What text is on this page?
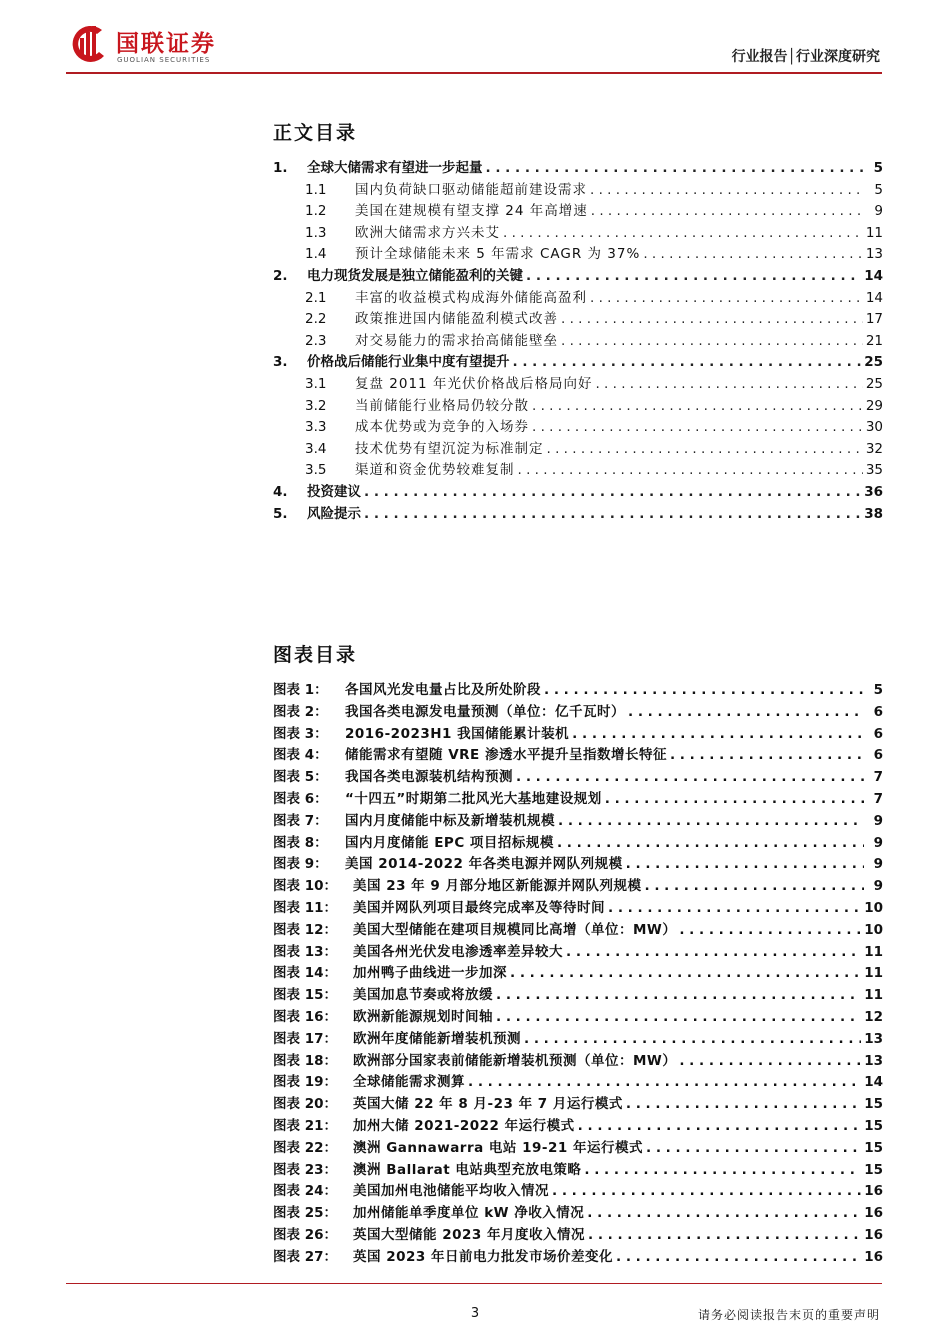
国联证券
GUOLIAN SECURITIES	行业报告│行业深度研究
正文目录
1.	全球大储需求有望进一步起量 . . .	5
1.1	国内负荷缺口驱动储能超前建设需求 . . .	5
1.2	美国在建规模有望支撑 24 年高增速 . . .	9
1.3	欧洲大储需求方兴未艾 . . .	11
1.4	预计全球储能未来 5 年需求 CAGR 为 37% . . .	13
2.	电力现货发展是独立储能盈利的关键 . . .	14
2.1	丰富的收益模式构成海外储能高盈利 . . .	14
2.2	政策推进国内储能盈利模式改善 . . .	17
2.3	对交易能力的需求抬高储能壁垒 . . .	21
3.	价格战后储能行业集中度有望提升 . . .	25
3.1	复盘 2011 年光伏价格战后格局向好 . . .	25
3.2	当前储能行业格局仍较分散 . . .	29
3.3	成本优势或为竞争的入场券 . . .	30
3.4	技术优势有望沉淀为标准制定 . . .	32
3.5	渠道和资金优势较难复制 . . .	35
4.	投资建议 . . .	36
5.	风险提示 . . .	38
图表目录
图表 1：	各国风光发电量占比及所处阶段 . . .	5
图表 2：	我国各类电源发电量预测（单位：亿千瓦时） . . .	6
图表 3：	2016-2023H1 我国储能累计装机 . . .	6
图表 4：	储能需求有望随 VRE 渗透水平提升呈指数增长特征 . . .	6
图表 5：	我国各类电源装机结构预测 . . .	7
图表 6：	“十四五”时期第二批风光大基地建设规划 . . .	7
图表 7：	国内月度储能中标及新增装机规模 . . .	9
图表 8：	国内月度储能 EPC 项目招标规模 . . .	9
图表 9：	美国 2014-2022 年各类电源并网队列规模 . . .	9
图表 10：	美国 23 年 9 月部分地区新能源并网队列规模 . . .	9
图表 11：	美国并网队列项目最终完成率及等待时间 . . .	10
图表 12：	美国大型储能在建项目规模同比高增（单位：MW） . . .	10
图表 13：	美国各州光伏发电渗透率差异较大 . . .	11
图表 14：	加州鸭子曲线进一步加深 . . .	11
图表 15：	美国加息节奏或将放缓 . . .	11
图表 16：	欧洲新能源规划时间轴 . . .	12
图表 17：	欧洲年度储能新增装机预测 . . .	13
图表 18：	欧洲部分国家表前储能新增装机预测（单位：MW） . . .	13
图表 19：	全球储能需求测算 . . .	14
图表 20：	英国大储 22 年 8 月-23 年 7 月运行模式 . . .	15
图表 21：	加州大储 2021-2022 年运行模式 . . .	15
图表 22：	澳洲 Gannawarra 电站 19-21 年运行模式 . . .	15
图表 23：	澳洲 Ballarat 电站典型充放电策略 . . .	15
图表 24：	美国加州电池储能平均收入情况 . . .	16
图表 25：	加州储能单季度单位 kW 净收入情况 . . .	16
图表 26：	英国大型储能 2023 年月度收入情况 . . .	16
图表 27：	英国 2023 年日前电力批发市场价差变化 . . .	16
3	请务必阅读报告末页的重要声明
